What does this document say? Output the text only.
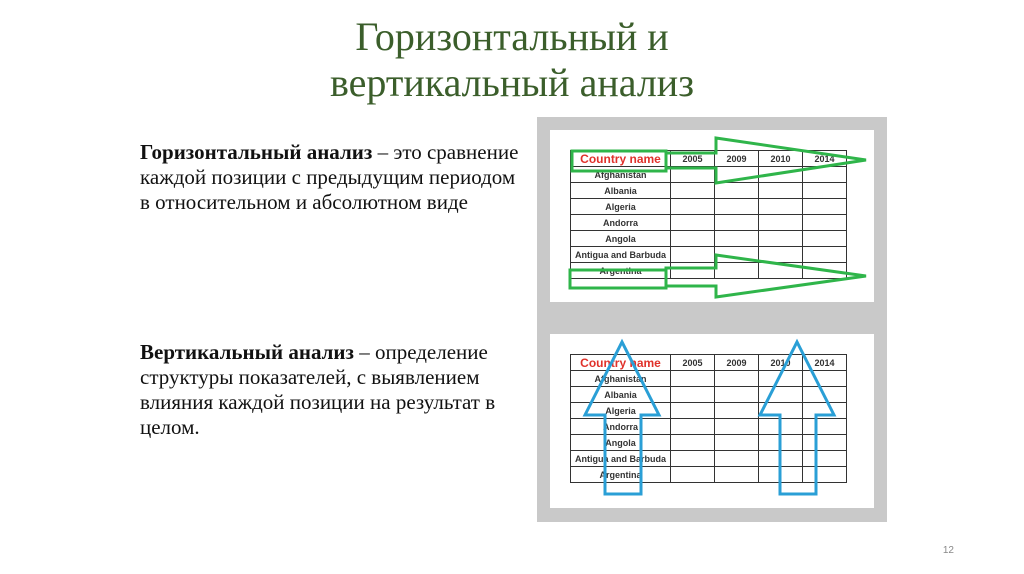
Горизонтальный и
вертикальный анализ
Горизонтальный анализ – это сравнение каждой позиции с предыдущим периодом в относительном и абсолютном виде
Вертикальный анализ – определение структуры показателей, с выявлением влияния каждой позиции на результат в целом.
Country name	2005	2009	2010	2014
Afghanistan				
Albania				
Algeria				
Andorra				
Angola				
Antigua and Barbuda				
Argentina				
Country name	2005	2009	2010	2014
Afghanistan				
Albania				
Algeria				
Andorra				
Angola				
Antigua and Barbuda				
Argentina				
12
